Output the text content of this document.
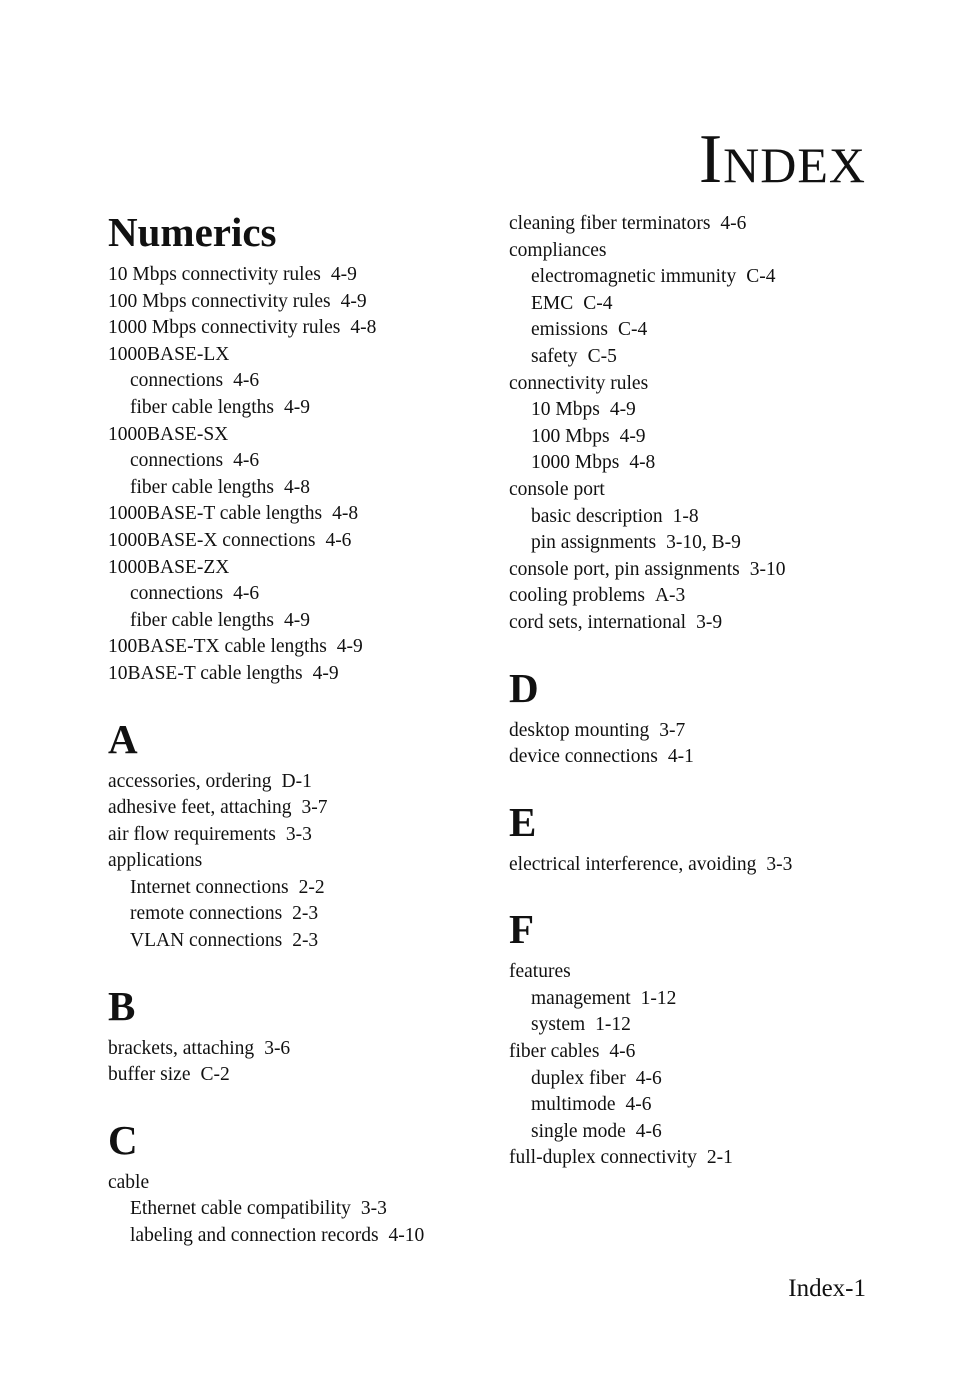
INDEX
Numerics
10 Mbps connectivity rules 4-9
100 Mbps connectivity rules 4-9
1000 Mbps connectivity rules 4-8
1000BASE-LX
connections 4-6
fiber cable lengths 4-9
1000BASE-SX
connections 4-6
fiber cable lengths 4-8
1000BASE-T cable lengths 4-8
1000BASE-X connections 4-6
1000BASE-ZX
connections 4-6
fiber cable lengths 4-9
100BASE-TX cable lengths 4-9
10BASE-T cable lengths 4-9
A
accessories, ordering D-1
adhesive feet, attaching 3-7
air flow requirements 3-3
applications
Internet connections 2-2
remote connections 2-3
VLAN connections 2-3
B
brackets, attaching 3-6
buffer size C-2
C
cable
Ethernet cable compatibility 3-3
labeling and connection records 4-10
cleaning fiber terminators 4-6
compliances
electromagnetic immunity C-4
EMC C-4
emissions C-4
safety C-5
connectivity rules
10 Mbps 4-9
100 Mbps 4-9
1000 Mbps 4-8
console port
basic description 1-8
pin assignments 3-10, B-9
console port, pin assignments 3-10
cooling problems A-3
cord sets, international 3-9
D
desktop mounting 3-7
device connections 4-1
E
electrical interference, avoiding 3-3
F
features
management 1-12
system 1-12
fiber cables 4-6
duplex fiber 4-6
multimode 4-6
single mode 4-6
full-duplex connectivity 2-1
Index-1
